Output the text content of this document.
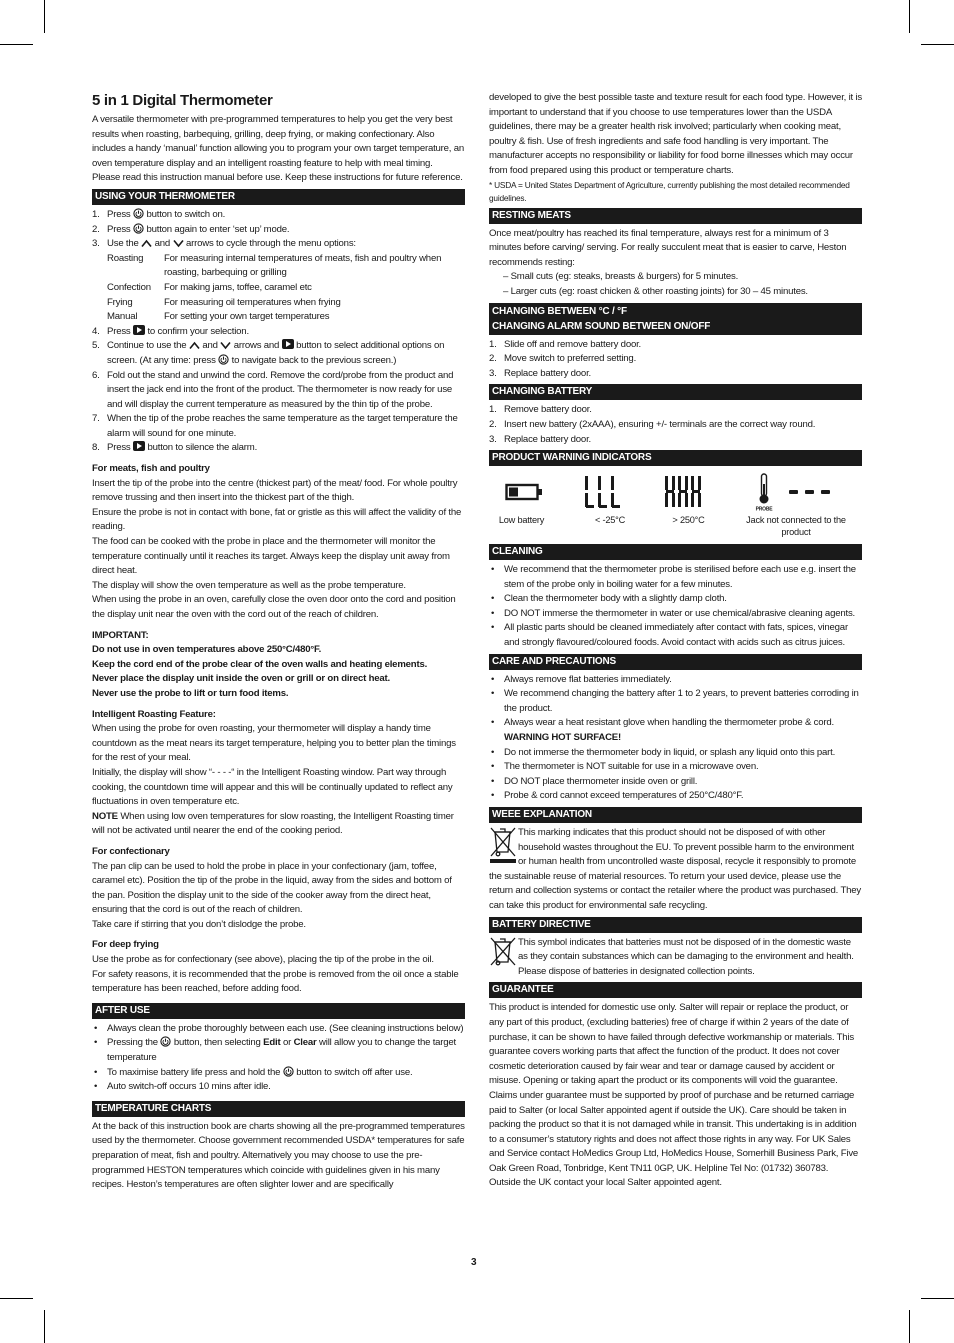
5 in 1 Digital Thermometer

A versatile thermometer with pre-programmed temperatures to help you get the very best results when roasting, barbequing, grilling, deep frying, or making confectionary. Also includes a handy ‘manual’ function allowing you to program your own target temperature, an oven temperature display and an intelligent roasting feature to help with meal timing.

Please read this instruction manual before use. Keep these instructions for future reference.

USING YOUR THERMOMETER
1. Press button to switch on.
2. Press button again to enter ‘set up’ mode.
3. Use the and arrows to cycle through the menu options:
Roasting	For measuring internal temperatures of meats, fish and poultry when roasting, barbequing or grilling
Confection	For making jams, toffee, caramel etc
Frying	For measuring oil temperatures when frying
Manual	For setting your own target temperatures
4. Press to confirm your selection.
5. Continue to use the and arrows and button to select additional options on screen. (At any time: press to navigate back to the previous screen.)
6. Fold out the stand and unwind the cord. Remove the cord/probe from the product and insert the jack end into the front of the product. The thermometer is now ready for use and will display the current temperature as measured by the thin tip of the probe.
7. When the tip of the probe reaches the same temperature as the target temperature the alarm will sound for one minute.
8. Press button to silence the alarm.

For meats, fish and poultry

Insert the tip of the probe into the centre (thickest part) of the meat/ food. For whole poultry remove trussing and then insert into the thickest part of the thigh.

Ensure the probe is not in contact with bone, fat or gristle as this will affect the validity of the reading.

The food can be cooked with the probe in place and the thermometer will monitor the temperature continually until it reaches its target. Always keep the display unit away from direct heat.

The display will show the oven temperature as well as the probe temperature.

When using the probe in an oven, carefully close the oven door onto the cord and position the display unit near the oven with the cord out of the reach of children.

IMPORTANT:

Do not use in oven temperatures above 250°C/480°F.

Keep the cord end of the probe clear of the oven walls and heating elements.

Never place the display unit inside the oven or grill or on direct heat.

Never use the probe to lift or turn food items.

Intelligent Roasting Feature:

When using the probe for oven roasting, your thermometer will display a handy time countdown as the meat nears its target temperature, helping you to better plan the timings for the rest of your meal.

Initially, the display will show “- - - -“ in the Intelligent Roasting window. Part way through cooking, the countdown time will appear and this will be continually updated to reflect any fluctuations in oven temperature etc.

NOTE When using low oven temperatures for slow roasting, the Intelligent Roasting timer will not be activated until nearer the end of the cooking period.

For confectionary

The pan clip can be used to hold the probe in place in your confectionary (jam, toffee, caramel etc). Position the tip of the probe in the liquid, away from the sides and bottom of the pan. Position the display unit to the side of the cooker away from the direct heat, ensuring that the cord is out of the reach of children.

Take care if stirring that you don’t dislodge the probe.

For deep frying

Use the probe as for confectionary (see above), placing the tip of the probe in the oil.

For safety reasons, it is recommended that the probe is removed from the oil once a stable temperature has been reached, before adding food.

AFTER USE
• Always clean the probe thoroughly between each use. (See cleaning instructions below)
• Pressing the button, then selecting Edit or Clear will allow you to change the target temperature
• To maximise battery life press and hold the button to switch off after use.
• Auto switch-off occurs 10 mins after idle.
TEMPERATURE CHARTS

At the back of this instruction book are charts showing all the pre-programmed temperatures used by the thermometer. Choose government recommended USDA* temperatures for safe preparation of meat, fish and poultry. Alternatively you may choose to use the pre-programmed HESTON temperatures which coincide with guidelines given in his many recipes. Heston’s temperatures are often slighter lower and are specifically

developed to give the best possible taste and texture result for each food type. However, it is important to understand that if you choose to use temperatures lower than the USDA guidelines, there may be a greater health risk involved; particularly when cooking meat, poultry & fish. Use of fresh ingredients and safe food handling is very important. The manufacturer accepts no responsibility or liability for food borne illnesses which may occur from food prepared using this product or temperature charts.

* USDA = United States Department of Agriculture, currently publishing the most detailed recommended guidelines.

RESTING MEATS

Once meat/poultry has reached its final temperature, always rest for a minimum of 3 minutes before carving/ serving. For really succulent meat that is easier to carve, Heston recommends resting:

– Small cuts (eg: steaks, breasts & burgers) for 5 minutes.

– Larger cuts (eg: roast chicken & other roasting joints) for 30 – 45 minutes.

CHANGING BETWEEN °C / °F
CHANGING ALARM SOUND BETWEEN ON/OFF
1. Slide off and remove battery door.
2. Move switch to preferred setting.
3. Replace battery door.
CHANGING BATTERY
1. Remove battery door.
2. Insert new battery (2xAAA), ensuring +/- terminals are the correct way round.
3. Replace battery door.
PRODUCT WARNING INDICATORS
PROBE
Low battery	< -25°C	> 250°C	Jack not connected to the product
CLEANING
• We recommend that the thermometer probe is sterilised before each use e.g. insert the stem of the probe only in boiling water for a few minutes.
• Clean the thermometer body with a slightly damp cloth.
• DO NOT immerse the thermometer in water or use chemical/abrasive cleaning agents.
• All plastic parts should be cleaned immediately after contact with fats, spices, vinegar and strongly flavoured/coloured foods. Avoid contact with acids such as citrus juices.
CARE AND PRECAUTIONS
• Always remove flat batteries immediately.
• We recommend changing the battery after 1 to 2 years, to prevent batteries corroding in the product.
• Always wear a heat resistant glove when handling the thermometer probe & cord.
WARNING HOT SURFACE!
• Do not immerse the thermometer body in liquid, or splash any liquid onto this part.
• The thermometer is NOT suitable for use in a microwave oven.
• DO NOT place thermometer inside oven or grill.
• Probe & cord cannot exceed temperatures of 250°C/480°F.
WEEE EXPLANATION

This marking indicates that this product should not be disposed of with other household wastes throughout the EU. To prevent possible harm to the environment or human health from uncontrolled waste disposal, recycle it responsibly to promote the sustainable reuse of material resources. To return your used device, please use the return and collection systems or contact the retailer where the product was purchased. They can take this product for environmental safe recycling.

BATTERY DIRECTIVE

This symbol indicates that batteries must not be disposed of in the domestic waste as they contain substances which can be damaging to the environment and health. Please dispose of batteries in designated collection points.

GUARANTEE

This product is intended for domestic use only. Salter will repair or replace the product, or any part of this product, (excluding batteries) free of charge if within 2 years of the date of purchase, it can be shown to have failed through defective workmanship or materials. This guarantee covers working parts that affect the function of the product. It does not cover cosmetic deterioration caused by fair wear and tear or damage caused by accident or misuse. Opening or taking apart the product or its components will void the guarantee. Claims under guarantee must be supported by proof of purchase and be returned carriage paid to Salter (or local Salter appointed agent if outside the UK). Care should be taken in packing the product so that it is not damaged while in transit. This undertaking is in addition to a consumer’s statutory rights and does not affect those rights in any way. For UK Sales and Service contact HoMedics Group Ltd, HoMedics House, Somerhill Business Park, Five Oak Green Road, Tonbridge, Kent TN11 0GP, UK. Helpline Tel No: (01732) 360783. Outside the UK contact your local Salter appointed agent.

3
